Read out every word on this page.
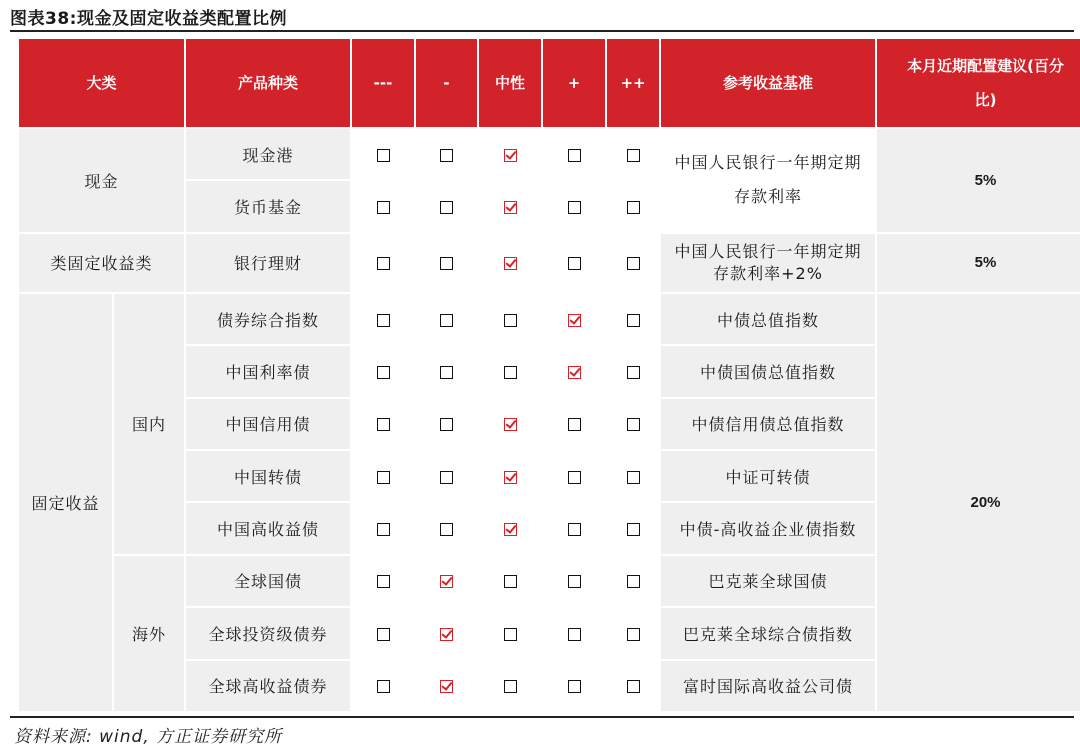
图表38:现金及固定收益类配置比例
大类		产品种类	---	-	中性	+	++	参考收益基准	本月近期配置建议(百分比)
现金		现金港						中国人民银行一年期定期存款利率	5%
		货币基金							
类固定收益类		银行理财						中国人民银行一年期定期存款利率+2%	5%
固定收益	国内	债券综合指数						中债总值指数	20%
		中国利率债						中债国债总值指数	
		中国信用债						中债信用债总值指数	
		中国转债						中证可转债	
		中国高收益债						中债-高收益企业债指数	
	海外	全球国债						巴克莱全球国债	
		全球投资级债券						巴克莱全球综合债指数	
		全球高收益债券						富时国际高收益公司债	
资料来源: wind, 方正证券研究所
